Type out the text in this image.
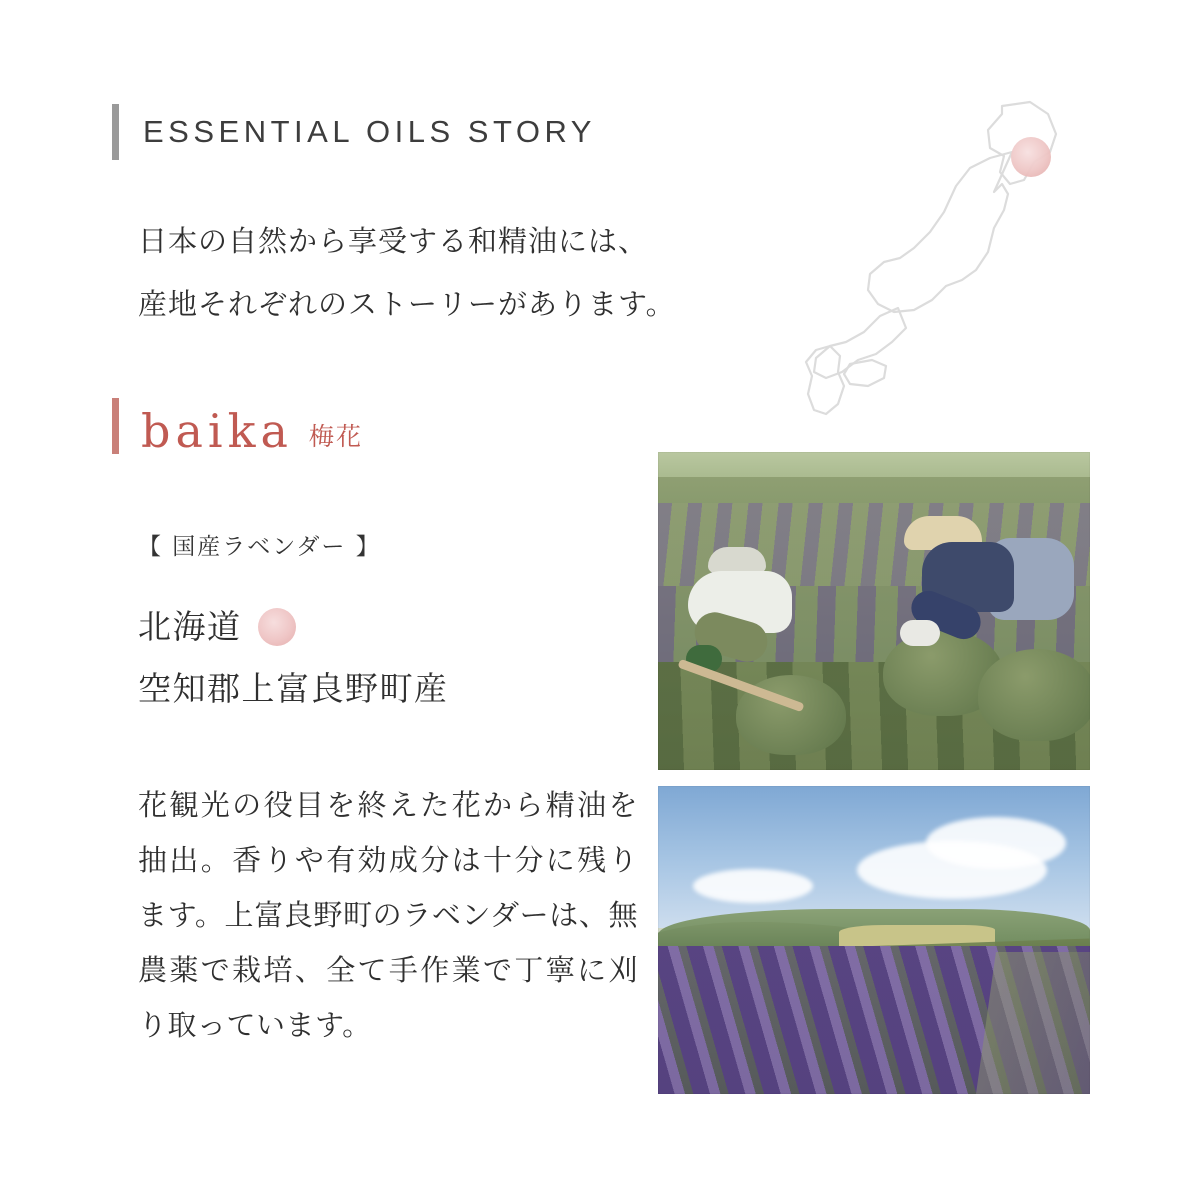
ESSENTIAL OILS STORY
日本の自然から享受する和精油には、
産地それぞれのストーリーがあります。
baika 梅花
【 国産ラベンダー 】
北海道
空知郡上富良野町産
花観光の役目を終えた花から精油を抽出。香りや有効成分は十分に残ります。上富良野町のラベンダーは、無農薬で栽培、全て手作業で丁寧に刈り取っています。
